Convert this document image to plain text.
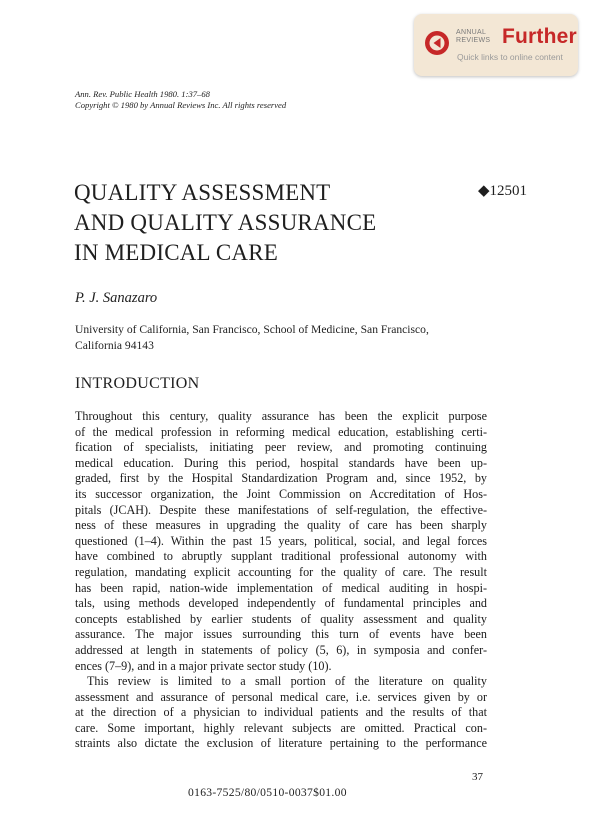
ANNUAL
REVIEWS Further
Quick links to online content
Ann. Rev. Public Health 1980. 1:37–68
Copyright © 1980 by Annual Reviews Inc. All rights reserved
QUALITY ASSESSMENT
AND QUALITY ASSURANCE
IN MEDICAL CARE
◆12501
P. J. Sanazaro
University of California, San Francisco, School of Medicine, San Francisco,
California 94143
INTRODUCTION
Throughout this century, quality assurance has been the explicit purpose
of the medical profession in reforming medical education, establishing certi-
fication of specialists, initiating peer review, and promoting continuing
medical education. During this period, hospital standards have been up-
graded, first by the Hospital Standardization Program and, since 1952, by
its successor organization, the Joint Commission on Accreditation of Hos-
pitals (JCAH). Despite these manifestations of self-regulation, the effective-
ness of these measures in upgrading the quality of care has been sharply
questioned (1–4). Within the past 15 years, political, social, and legal forces
have combined to abruptly supplant traditional professional autonomy with
regulation, mandating explicit accounting for the quality of care. The result
has been rapid, nation-wide implementation of medical auditing in hospi-
tals, using methods developed independently of fundamental principles and
concepts established by earlier students of quality assessment and quality
assurance. The major issues surrounding this turn of events have been
addressed at length in statements of policy (5, 6), in symposia and confer-
ences (7–9), and in a major private sector study (10).
This review is limited to a small portion of the literature on quality
assessment and assurance of personal medical care, i.e. services given by or
at the direction of a physician to individual patients and the results of that
care. Some important, highly relevant subjects are omitted. Practical con-
straints also dictate the exclusion of literature pertaining to the performance
37
0163-7525/80/0510-0037$01.00
